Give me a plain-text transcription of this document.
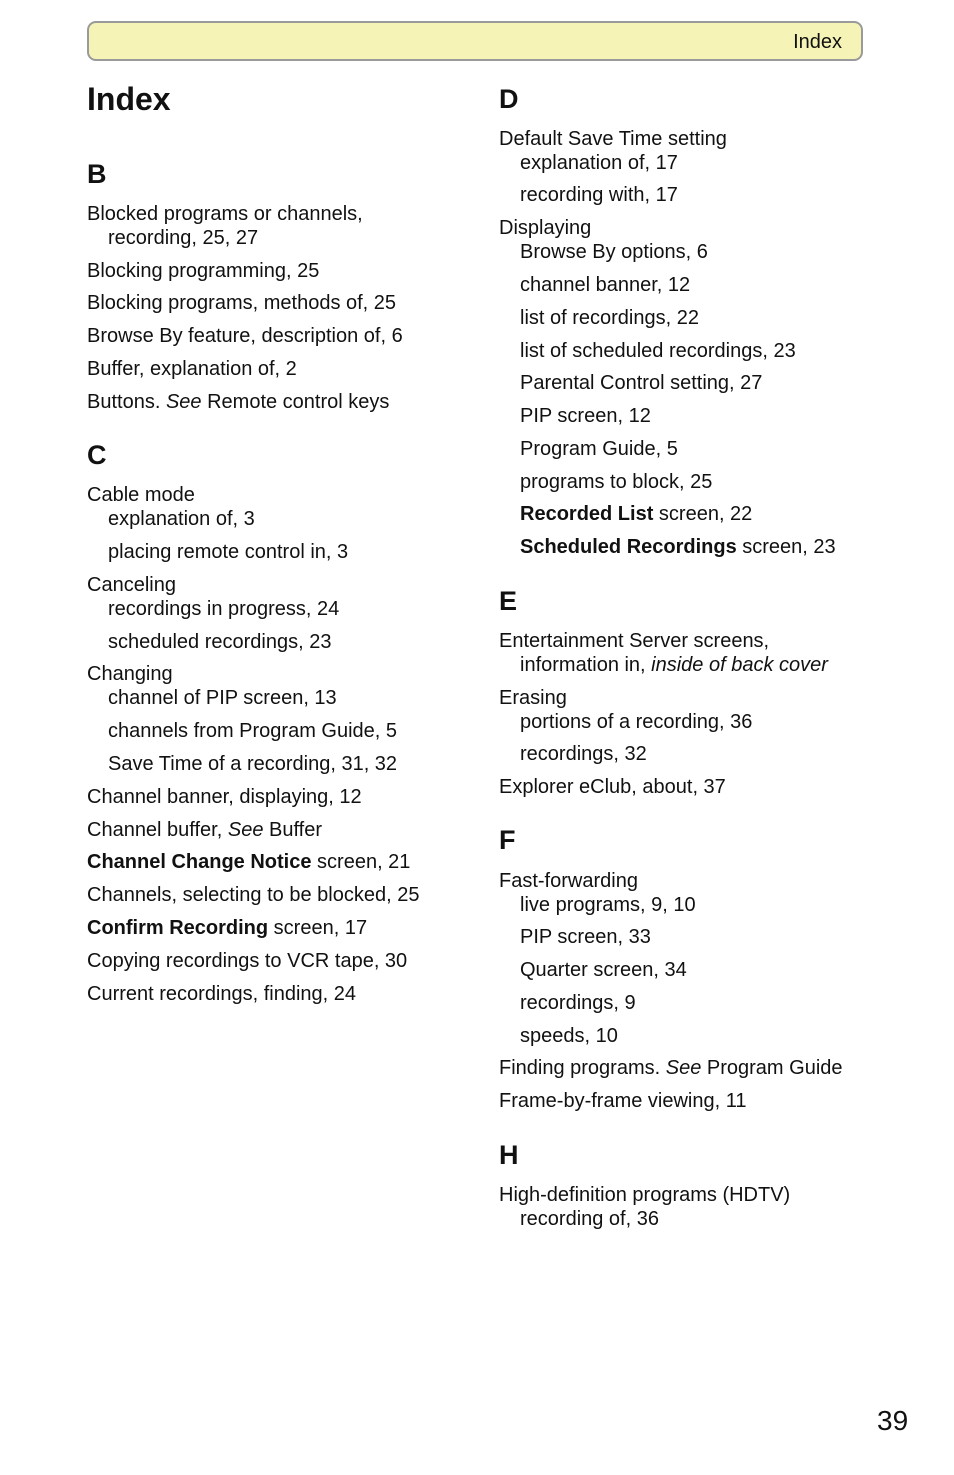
Index
Index
B
Blocked programs or channels,
recording, 25, 27
Blocking programming, 25
Blocking programs, methods of, 25
Browse By feature, description of, 6
Buffer, explanation of, 2
Buttons. See Remote control keys
C
Cable mode
explanation of, 3
placing remote control in, 3
Canceling
recordings in progress, 24
scheduled recordings, 23
Changing
channel of PIP screen, 13
channels from Program Guide, 5
Save Time of a recording, 31, 32
Channel banner, displaying, 12
Channel buffer, See Buffer
Channel Change Notice screen, 21
Channels, selecting to be blocked, 25
Confirm Recording screen, 17
Copying recordings to VCR tape, 30
Current recordings, finding, 24
D
Default Save Time setting
explanation of, 17
recording with, 17
Displaying
Browse By options, 6
channel banner, 12
list of recordings, 22
list of scheduled recordings, 23
Parental Control setting, 27
PIP screen, 12
Program Guide, 5
programs to block, 25
Recorded List screen, 22
Scheduled Recordings screen, 23
E
Entertainment Server screens,
information in, inside of back cover
Erasing
portions of a recording, 36
recordings, 32
Explorer eClub, about, 37
F
Fast-forwarding
live programs, 9, 10
PIP screen, 33
Quarter screen, 34
recordings, 9
speeds, 10
Finding programs. See Program Guide
Frame-by-frame viewing, 11
H
High-definition programs (HDTV)
recording of, 36
39
